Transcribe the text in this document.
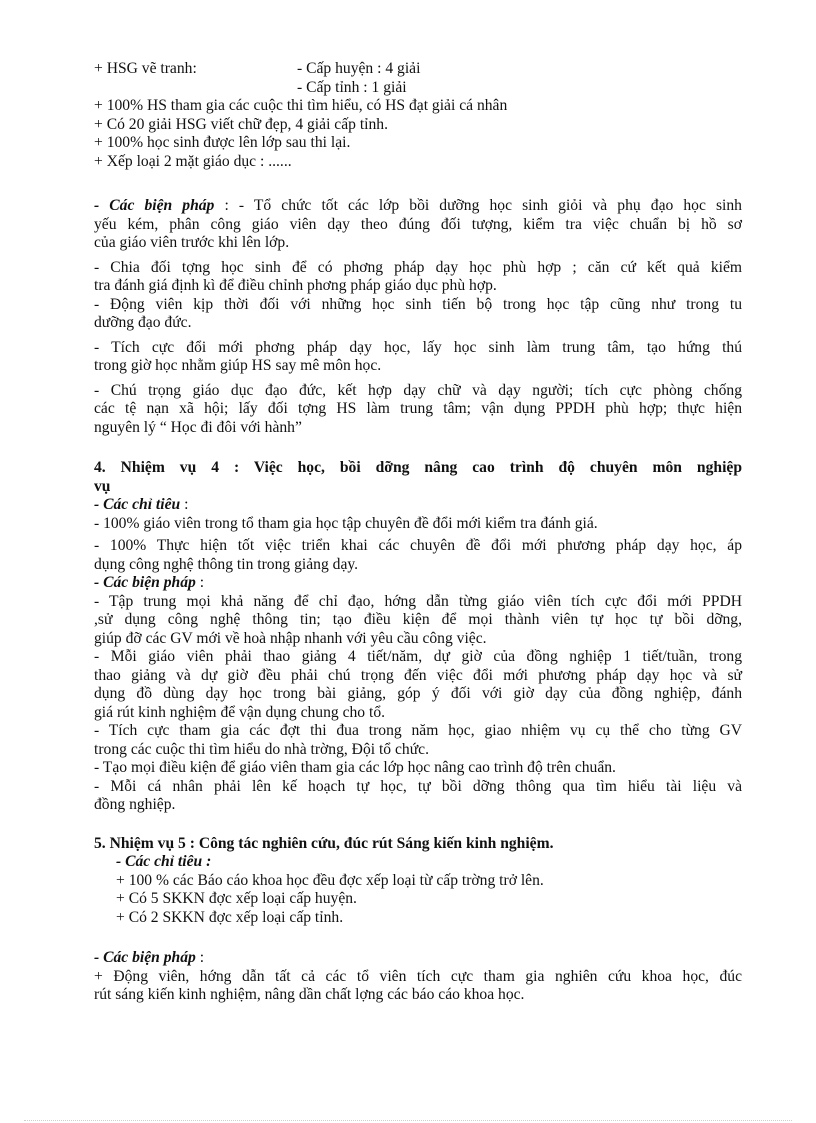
+ HSG vẽ tranh:	- Cấp huyện : 4 giải
- Cấp tỉnh : 1 giải
+ 100% HS tham gia các cuộc thi tìm hiểu, có HS đạt giải cá nhân
+ Có 20 giải HSG viết chữ đẹp, 4 giải cấp tỉnh.
+ 100% học sinh được lên lớp sau thi lại.
+ Xếp loại 2 mặt giáo dục : ......
- Các biện pháp : - Tổ chức tốt các lớp bồi dưỡng học sinh giỏi và phụ đạo học sinh
yếu kém, phân công giáo viên dạy theo đúng đối tượng, kiểm tra việc chuẩn bị hồ sơ
của giáo viên trước khi lên lớp.
- Chia đối tợng học sinh để có phơng pháp dạy học phù hợp ; căn cứ kết quả kiểm
tra đánh giá định kì để điều chỉnh phơng pháp giáo dục phù hợp.
- Động viên kịp thời đối với những học sinh tiến bộ trong học tập cũng như trong tu
dưỡng đạo đức.
- Tích cực đổi mới phơng pháp dạy học, lấy học sinh làm trung tâm, tạo hứng thú
trong giờ học nhằm giúp HS say mê môn học.
- Chú trọng giáo dục đạo đức, kết hợp dạy chữ và dạy người; tích cực phòng chống
các tệ nạn xã hội; lấy đối tợng HS làm trung tâm; vận dụng PPDH phù hợp; thực hiện
nguyên lý “ Học đi đôi với hành”
4. Nhiệm vụ 4 : Việc học, bồi dỡng nâng cao trình độ chuyên môn nghiệp
vụ
- Các chỉ tiêu :
- 100% giáo viên trong tổ tham gia học tập chuyên đề đổi mới kiểm tra đánh giá.
- 100% Thực hiện tốt việc triển khai các chuyên đề đổi mới phương pháp dạy học, áp
dụng công nghệ thông tin trong giảng dạy.
- Các biện pháp :
- Tập trung mọi khả năng để chỉ đạo, hớng dẫn từng giáo viên tích cực đổi mới PPDH
,sử dụng công nghệ thông tin; tạo điều kiện để mọi thành viên tự học tự bồi dỡng,
giúp đỡ các GV mới về hoà nhập nhanh với yêu cầu công việc.
- Mỗi giáo viên phải thao giảng 4 tiết/năm, dự giờ của đồng nghiệp 1 tiết/tuần, trong
thao giảng và dự giờ đều phải chú trọng đến việc đổi mới phương pháp dạy học và sử
dụng đồ dùng dạy học trong bài giảng, góp ý đối với giờ dạy của đồng nghiệp, đánh
giá rút kinh nghiệm để vận dụng chung cho tổ.
- Tích cực tham gia các đợt thi đua trong năm học, giao nhiệm vụ cụ thể cho từng GV
trong các cuộc thi tìm hiểu do nhà trờng, Đội tổ chức.
- Tạo mọi điều kiện để giáo viên tham gia các lớp học nâng cao trình độ trên chuẩn.
- Mỗi cá nhân phải lên kế hoạch tự học, tự bồi dỡng thông qua tìm hiểu tài liệu và
đồng nghiệp.
5. Nhiệm vụ 5 : Công tác nghiên cứu, đúc rút Sáng kiến kinh nghiệm.
- Các chỉ tiêu :
+ 100 % các Báo cáo khoa học đều đợc xếp loại từ cấp trờng trở lên.
+ Có 5 SKKN đợc xếp loại cấp huyện.
+ Có 2 SKKN đợc xếp loại cấp tỉnh.
- Các biện pháp :
+ Động viên, hớng dẫn tất cả các tổ viên tích cực tham gia nghiên cứu khoa học, đúc
rút sáng kiến kinh nghiệm, nâng dần chất lợng các báo cáo khoa học.
